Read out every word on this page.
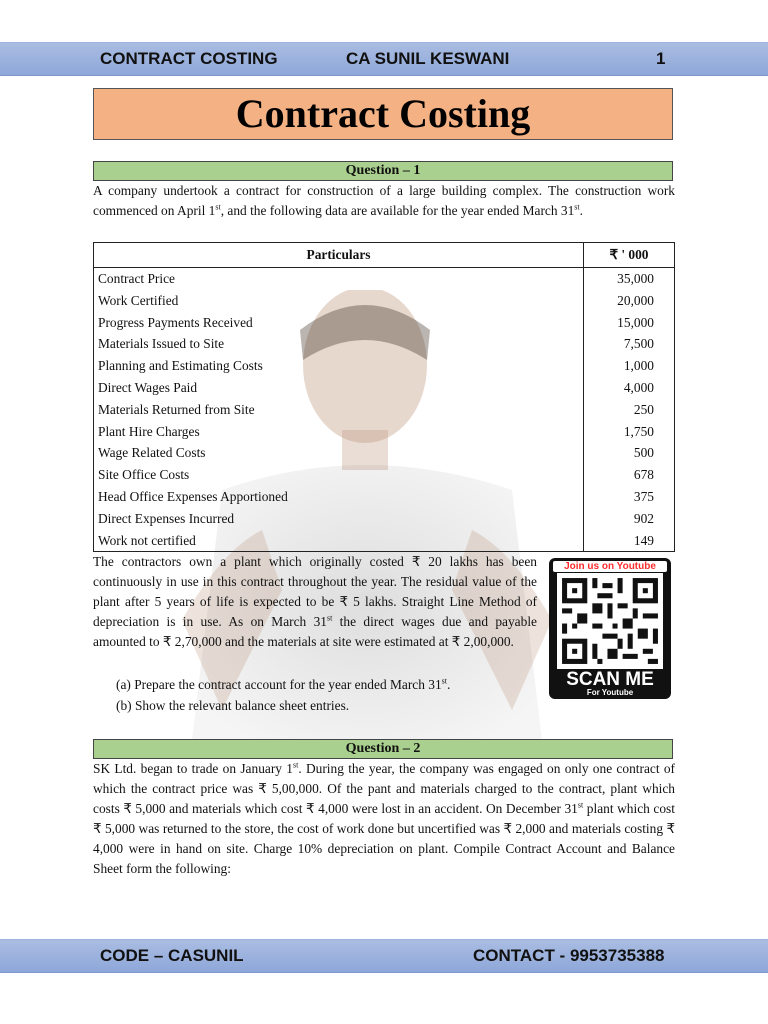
CONTRACT COSTING	CA SUNIL KESWANI	1
Contract Costing
Question – 1

A company undertook a contract for construction of a large building complex. The construction work commenced on April 1st, and the following data are available for the year ended March 31st.

Particulars	₹ ' 000
Contract Price	35,000
Work Certified	20,000
Progress Payments Received	15,000
Materials Issued to Site	7,500
Planning and Estimating Costs	1,000
Direct Wages Paid	4,000
Materials Returned from Site	250
Plant Hire Charges	1,750
Wage Related Costs	500
Site Office Costs	678
Head Office Expenses Apportioned	375
Direct Expenses Incurred	902
Work not certified	149

The contractors own a plant which originally costed ₹ 20 lakhs has been continuously in use in this contract throughout the year. The residual value of the plant after 5 years of life is expected to be ₹ 5 lakhs. Straight Line Method of depreciation is in use. As on March 31st the direct wages due and payable amounted to ₹ 2,70,000 and the materials at site were estimated at ₹ 2,00,000.

(a) Prepare the contract account for the year ended March 31st.

(b) Show the relevant balance sheet entries.

Join us on Youtube
SCAN ME
For Youtube
Question – 2

SK Ltd. began to trade on January 1st. During the year, the company was engaged on only one contract of which the contract price was ₹ 5,00,000. Of the pant and materials charged to the contract, plant which costs ₹ 5,000 and materials which cost ₹ 4,000 were lost in an accident. On December 31st plant which cost ₹ 5,000 was returned to the store, the cost of work done but uncertified was ₹ 2,000 and materials costing ₹ 4,000 were in hand on site. Charge 10% depreciation on plant. Compile Contract Account and Balance Sheet form the following:

CODE – CASUNIL	CONTACT - 9953735388
